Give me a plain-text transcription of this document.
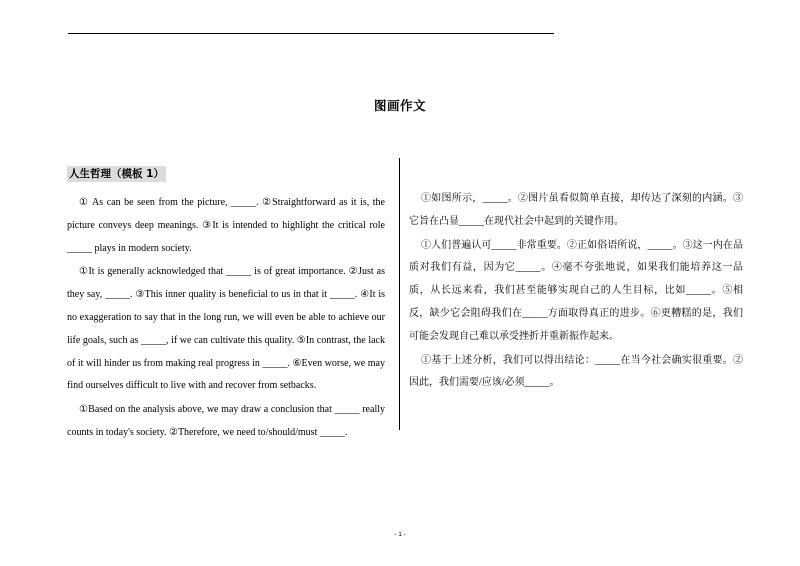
图画作文
人生哲理（模板 1）

① As can be seen from the picture, _____. ②Straightforward as it is, the picture conveys deep meanings. ③It is intended to highlight the critical role _____ plays in modern society.

①It is generally acknowledged that _____ is of great importance. ②Just as they say, _____. ③This inner quality is beneficial to us in that it _____. ④It is no exaggeration to say that in the long run, we will even be able to achieve our life goals, such as _____, if we can cultivate this quality. ⑤In contrast, the lack of it will hinder us from making real progress in _____. ⑥Even worse, we may find ourselves difficult to live with and recover from setbacks.

①Based on the analysis above, we may draw a conclusion that _____ really counts in today's society. ②Therefore, we need to/should/must _____.

①如图所示，_____。②图片虽看似简单直接，却传达了深刻的内涵。③它旨在凸显_____在现代社会中起到的关键作用。

①人们普遍认可_____非常重要。②正如俗语所说，_____。③这一内在品质对我们有益，因为它_____。④毫不夸张地说，如果我们能培养这一品质，从长远来看，我们甚至能够实现自己的人生目标，比如_____。⑤相反，缺少它会阻碍我们在_____方面取得真正的进步。⑥更糟糕的是，我们可能会发现自己难以承受挫折并重新振作起来。

①基于上述分析，我们可以得出结论：_____在当今社会确实很重要。②因此，我们需要/应该/必须_____。

- 1 -
